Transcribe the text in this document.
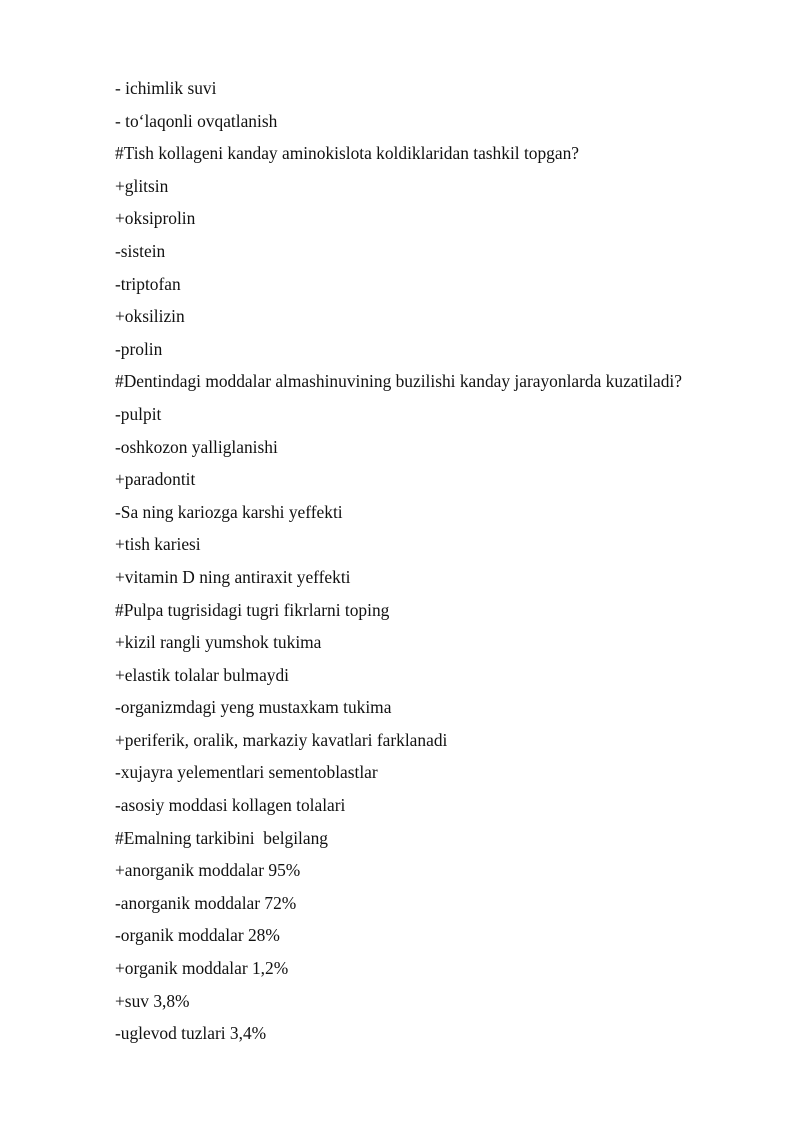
- ichimlik suvi
- to‘laqonli ovqatlanish
#Tish kollageni kanday aminokislota koldiklaridan tashkil topgan?
+glitsin
+oksiprolin
-sistein
-triptofan
+oksilizin
-prolin
#Dentindagi moddalar almashinuvining buzilishi kanday jarayonlarda kuzatiladi?
-pulpit
-oshkozon yalliglanishi
+paradontit
-Sa ning kariozga karshi yeffekti
+tish kariesi
+vitamin D ning antiraxit yeffekti
#Pulpa tugrisidagi tugri fikrlarni toping
+kizil rangli yumshok tukima
+elastik tolalar bulmaydi
-organizmdagi yeng mustaxkam tukima
+periferik, oralik, markaziy kavatlari farklanadi
-xujayra yelementlari sementoblastlar
-asosiy moddasi kollagen tolalari
#Emalning tarkibini  belgilang
+anorganik moddalar 95%
-anorganik moddalar 72%
-organik moddalar 28%
+organik moddalar 1,2%
+suv 3,8%
-uglevod tuzlari 3,4%
